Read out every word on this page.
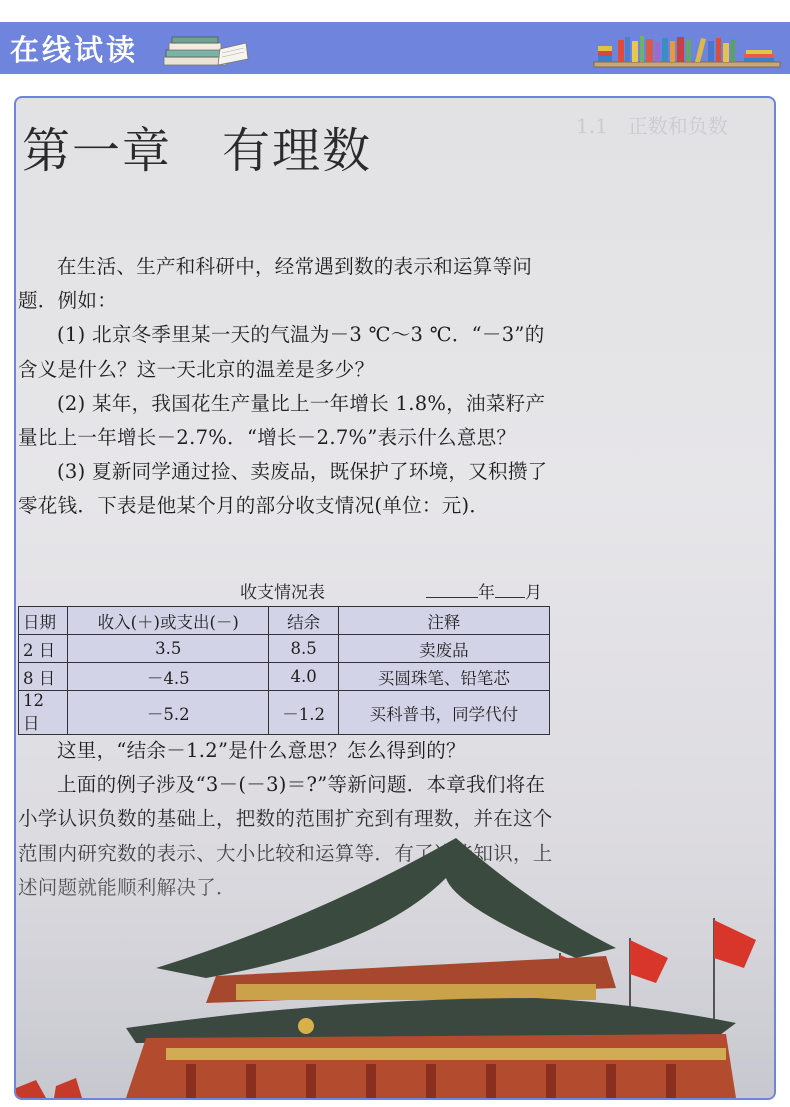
在线试读
1.1　正数和负数
第一章　有理数

在生活、生产和科研中，经常遇到数的表示和运算等问题．例如：

(1) 北京冬季里某一天的气温为－3 ℃～3 ℃．“－3”的含义是什么？这一天北京的温差是多少？

(2) 某年，我国花生产量比上一年增长 1.8%，油菜籽产量比上一年增长－2.7%．“增长－2.7%”表示什么意思？

(3) 夏新同学通过捡、卖废品，既保护了环境，又积攒了零花钱．下表是他某个月的部分收支情况(单位：元)．

收支情况表	年 月
日期	收入(＋)或支出(－)	结余	注释
2 日	3.5	8.5	卖废品
8 日	－4.5	4.0	买圆珠笔、铅笔芯
12 日	－5.2	－1.2	买科普书，同学代付

这里，“结余－1.2”是什么意思？怎么得到的？

上面的例子涉及“3－(－3)＝?”等新问题．本章我们将在
